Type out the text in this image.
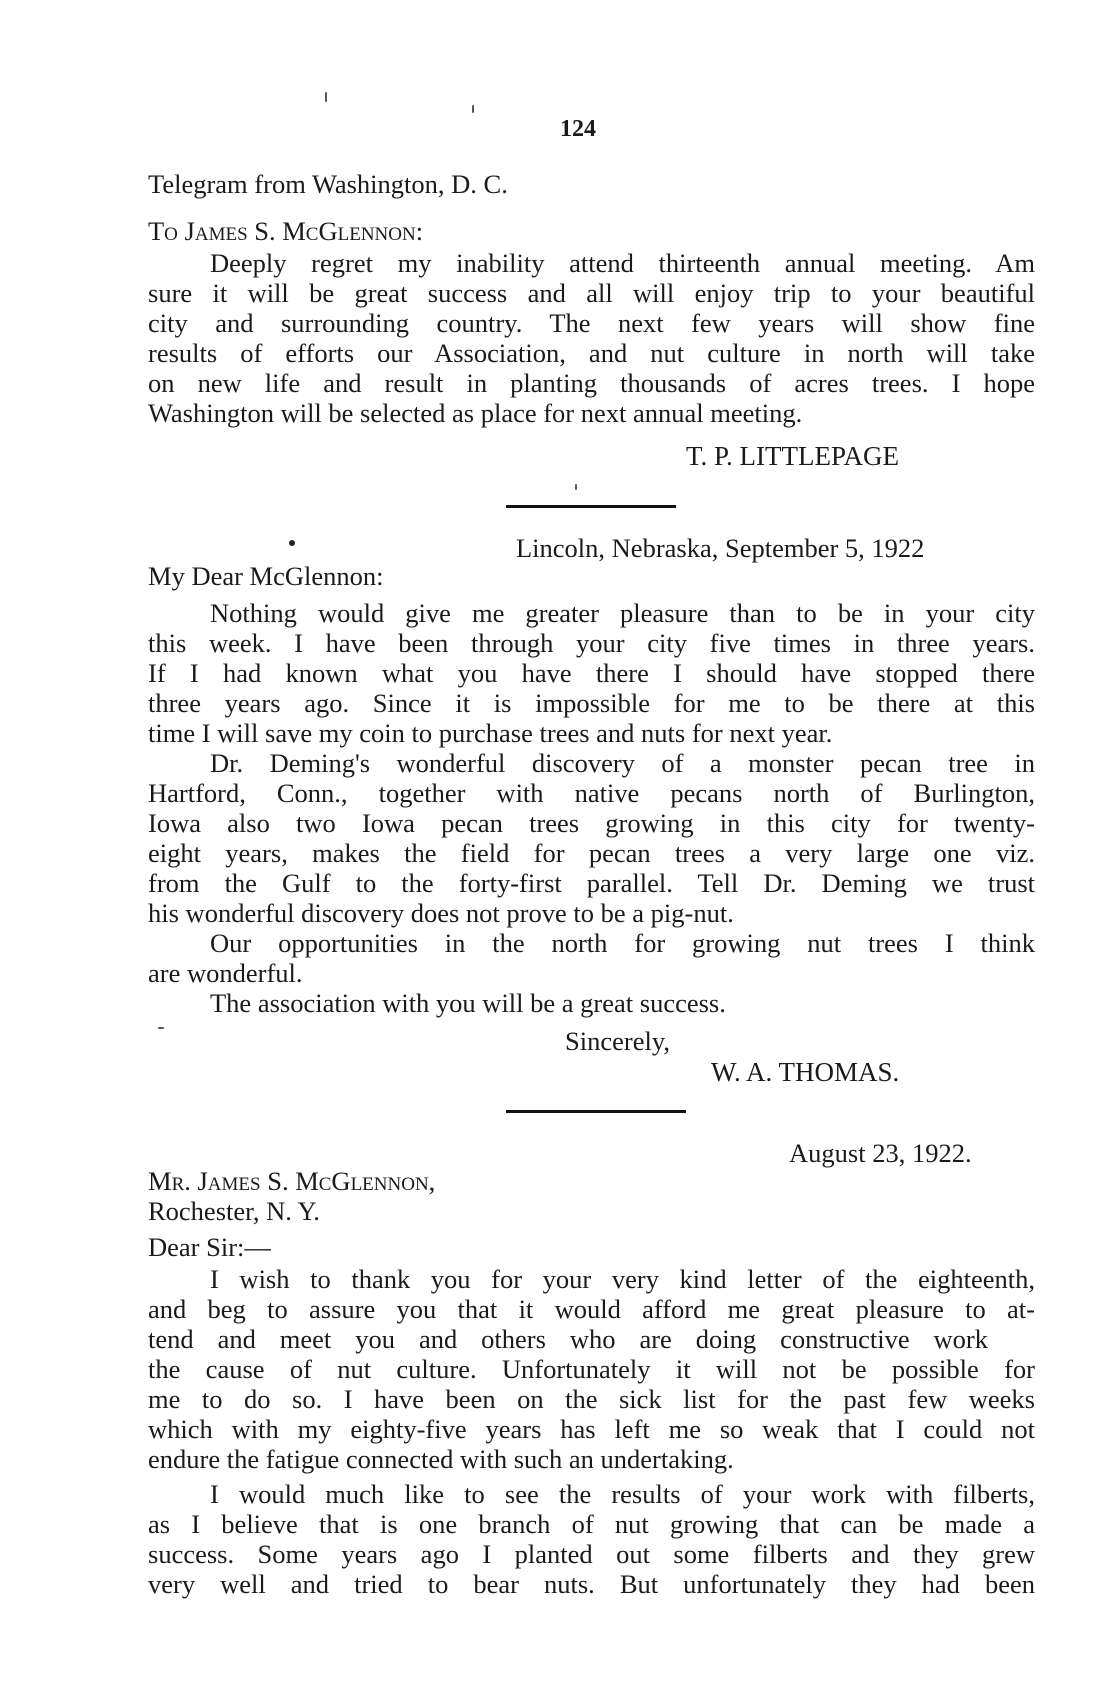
124
Telegram from Washington, D. C.
To James S. McGlennon:
Deeply regret my inability attend thirteenth annual meeting. Am
sure it will be great success and all will enjoy trip to your beautiful
city and surrounding country. The next few years will show fine
results of efforts our Association, and nut culture in north will take
on new life and result in planting thousands of acres trees. I hope
Washington will be selected as place for next annual meeting.
T. P. LITTLEPAGE
Lincoln, Nebraska, September 5, 1922
My Dear McGlennon:
Nothing would give me greater pleasure than to be in your city
this week. I have been through your city five times in three years.
If I had known what you have there I should have stopped there
three years ago. Since it is impossible for me to be there at this
time I will save my coin to purchase trees and nuts for next year.
Dr. Deming's wonderful discovery of a monster pecan tree in
Hartford, Conn., together with native pecans north of Burlington,
Iowa also two Iowa pecan trees growing in this city for twenty-
eight years, makes the field for pecan trees a very large one viz.
from the Gulf to the forty-first parallel. Tell Dr. Deming we trust
his wonderful discovery does not prove to be a pig-nut.
Our opportunities in the north for growing nut trees I think
are wonderful.
The association with you will be a great success.
Sincerely,
W. A. THOMAS.
August 23, 1922.
Mr. James S. McGlennon,
Rochester, N. Y.
Dear Sir:—
I wish to thank you for your very kind letter of the eighteenth,
and beg to assure you that it would afford me great pleasure to at-
tend and meet you and others who are doing constructive work
the cause of nut culture. Unfortunately it will not be possible for
me to do so. I have been on the sick list for the past few weeks
which with my eighty-five years has left me so weak that I could not
endure the fatigue connected with such an undertaking.
I would much like to see the results of your work with filberts,
as I believe that is one branch of nut growing that can be made a
success. Some years ago I planted out some filberts and they grew
very well and tried to bear nuts. But unfortunately they had been
